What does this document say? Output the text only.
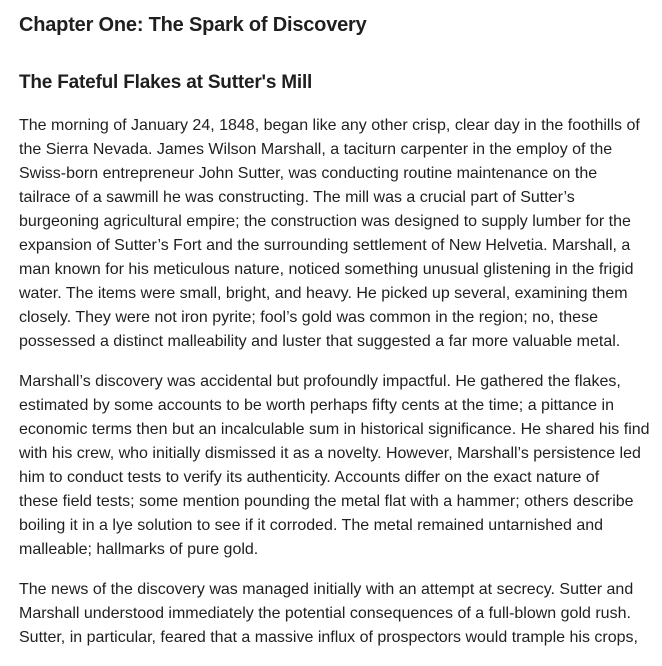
Chapter One: The Spark of Discovery
The Fateful Flakes at Sutter's Mill

The morning of January 24, 1848, began like any other crisp, clear day in the foothills of
the Sierra Nevada. James Wilson Marshall, a taciturn carpenter in the employ of the
Swiss-born entrepreneur John Sutter, was conducting routine maintenance on the
tailrace of a sawmill he was constructing. The mill was a crucial part of Sutter’s
burgeoning agricultural empire; the construction was designed to supply lumber for the
expansion of Sutter’s Fort and the surrounding settlement of New Helvetia. Marshall, a
man known for his meticulous nature, noticed something unusual glistening in the frigid
water. The items were small, bright, and heavy. He picked up several, examining them
closely. They were not iron pyrite; fool’s gold was common in the region; no, these
possessed a distinct malleability and luster that suggested a far more valuable metal.

Marshall’s discovery was accidental but profoundly impactful. He gathered the flakes,
estimated by some accounts to be worth perhaps fifty cents at the time; a pittance in
economic terms then but an incalculable sum in historical significance. He shared his find
with his crew, who initially dismissed it as a novelty. However, Marshall’s persistence led
him to conduct tests to verify its authenticity. Accounts differ on the exact nature of
these field tests; some mention pounding the metal flat with a hammer; others describe
boiling it in a lye solution to see if it corroded. The metal remained untarnished and
malleable; hallmarks of pure gold.

The news of the discovery was managed initially with an attempt at secrecy. Sutter and
Marshall understood immediately the potential consequences of a full-blown gold rush.
Sutter, in particular, feared that a massive influx of prospectors would trample his crops,
